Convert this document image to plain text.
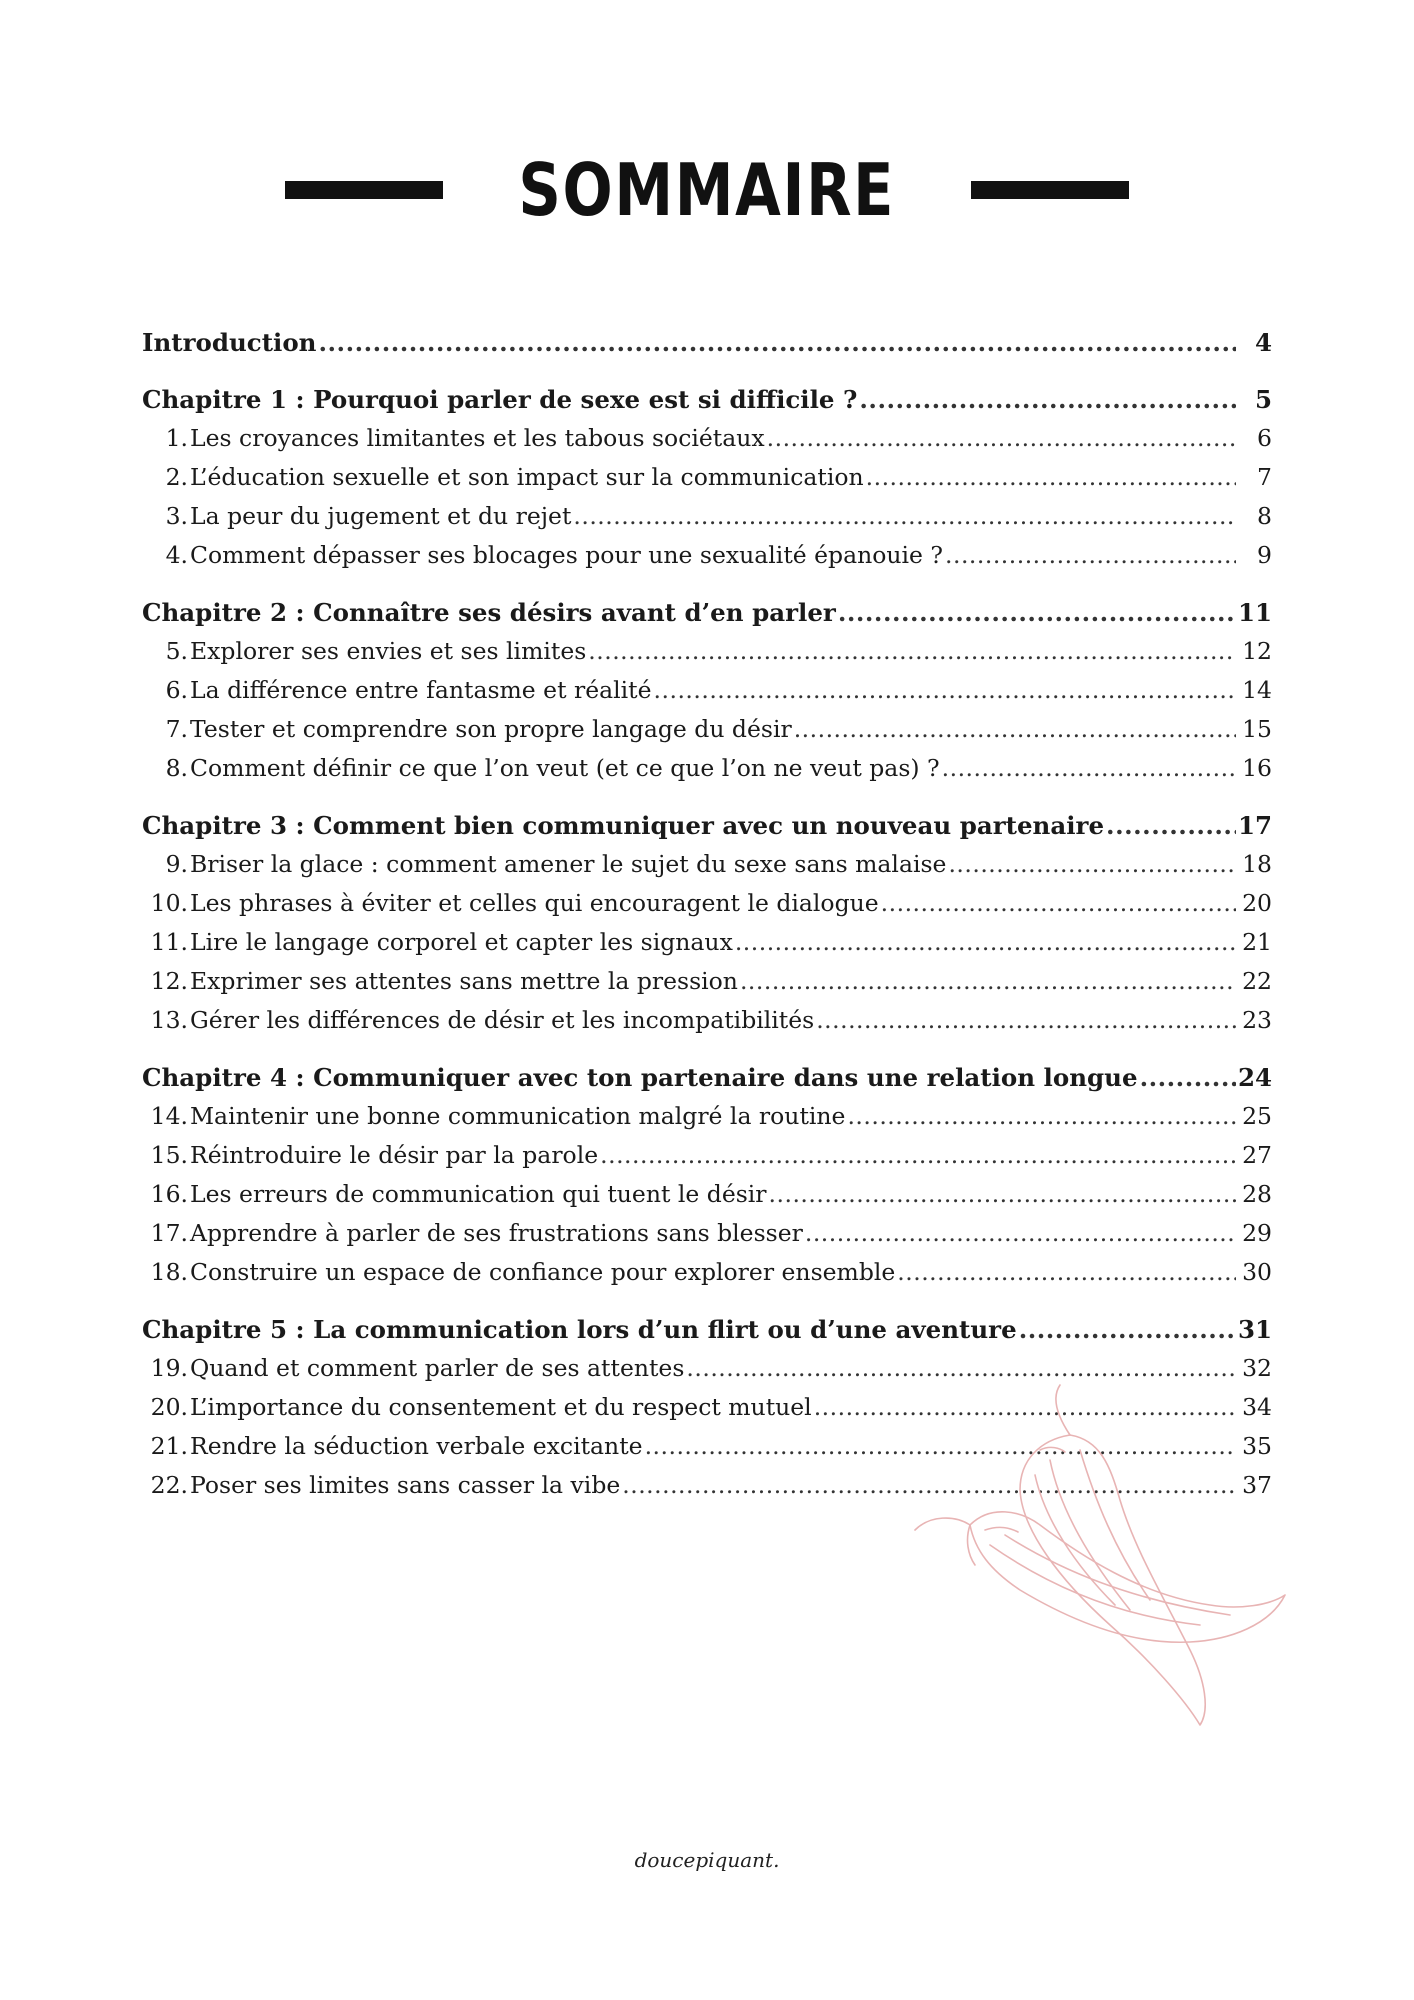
SOMMAIRE
Introduction .....	4
Chapitre 1 : Pourquoi parler de sexe est si difficile ? .....	5
1. Les croyances limitantes et les tabous sociétaux .....	6
2. L’éducation sexuelle et son impact sur la communication .....	7
3. La peur du jugement et du rejet .....	8
4. Comment dépasser ses blocages pour une sexualité épanouie ? .....	9
Chapitre 2 : Connaître ses désirs avant d’en parler .....	11
5. Explorer ses envies et ses limites .....	12
6. La différence entre fantasme et réalité .....	14
7. Tester et comprendre son propre langage du désir .....	15
8. Comment définir ce que l’on veut (et ce que l’on ne veut pas) ? .....	16
Chapitre 3 : Comment bien communiquer avec un nouveau partenaire .....	17
9. Briser la glace : comment amener le sujet du sexe sans malaise .....	18
10. Les phrases à éviter et celles qui encouragent le dialogue .....	20
11. Lire le langage corporel et capter les signaux .....	21
12. Exprimer ses attentes sans mettre la pression .....	22
13. Gérer les différences de désir et les incompatibilités .....	23
Chapitre 4 : Communiquer avec ton partenaire dans une relation longue .....	24
14. Maintenir une bonne communication malgré la routine .....	25
15. Réintroduire le désir par la parole .....	27
16. Les erreurs de communication qui tuent le désir .....	28
17. Apprendre à parler de ses frustrations sans blesser .....	29
18. Construire un espace de confiance pour explorer ensemble .....	30
Chapitre 5 : La communication lors d’un flirt ou d’une aventure .....	31
19. Quand et comment parler de ses attentes .....	32
20. L’importance du consentement et du respect mutuel .....	34
21. Rendre la séduction verbale excitante .....	35
22. Poser ses limites sans casser la vibe .....	37
doucepiquant.
